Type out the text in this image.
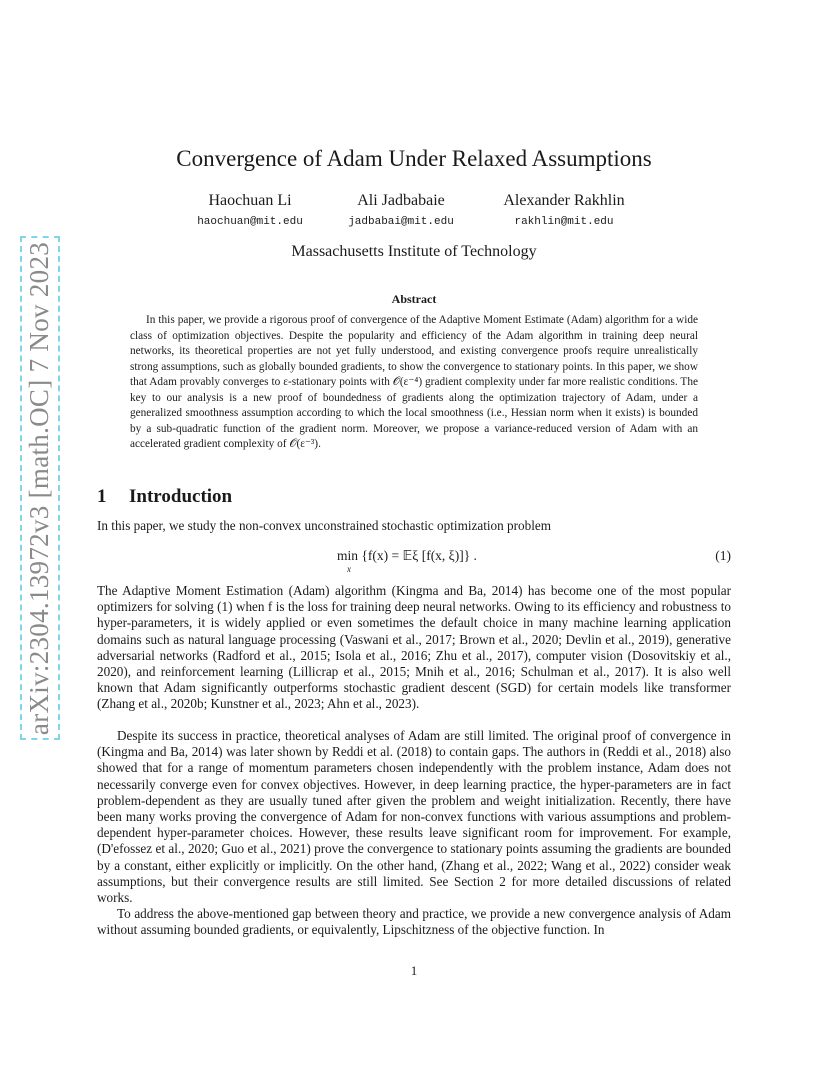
arXiv:2304.13972v3 [math.OC] 7 Nov 2023
Convergence of Adam Under Relaxed Assumptions
Haochuan Li
haochuan@mit.edu
Ali Jadbabaie
jadbabai@mit.edu
Alexander Rakhlin
rakhlin@mit.edu
Massachusetts Institute of Technology
Abstract
In this paper, we provide a rigorous proof of convergence of the Adaptive Moment Estimate (Adam) algorithm for a wide class of optimization objectives. Despite the popularity and efficiency of the Adam algorithm in training deep neural networks, its theoretical properties are not yet fully understood, and existing convergence proofs require unrealistically strong assumptions, such as globally bounded gradients, to show the convergence to stationary points. In this paper, we show that Adam provably converges to ε-stationary points with 𝒪(ε⁻⁴) gradient complexity under far more realistic conditions. The key to our analysis is a new proof of boundedness of gradients along the optimization trajectory of Adam, under a generalized smoothness assumption according to which the local smoothness (i.e., Hessian norm when it exists) is bounded by a sub-quadratic function of the gradient norm. Moreover, we propose a variance-reduced version of Adam with an accelerated gradient complexity of 𝒪(ε⁻³).
1 Introduction
In this paper, we study the non-convex unconstrained stochastic optimization problem
min {f(x) = 𝔼ξ [f(x, ξ)]} .
x
(1)
The Adaptive Moment Estimation (Adam) algorithm (Kingma and Ba, 2014) has become one of the most popular optimizers for solving (1) when f is the loss for training deep neural networks. Owing to its efficiency and robustness to hyper-parameters, it is widely applied or even sometimes the default choice in many machine learning application domains such as natural language processing (Vaswani et al., 2017; Brown et al., 2020; Devlin et al., 2019), generative adversarial networks (Radford et al., 2015; Isola et al., 2016; Zhu et al., 2017), computer vision (Dosovitskiy et al., 2020), and reinforcement learning (Lillicrap et al., 2015; Mnih et al., 2016; Schulman et al., 2017). It is also well known that Adam significantly outperforms stochastic gradient descent (SGD) for certain models like transformer (Zhang et al., 2020b; Kunstner et al., 2023; Ahn et al., 2023).
Despite its success in practice, theoretical analyses of Adam are still limited. The original proof of convergence in (Kingma and Ba, 2014) was later shown by Reddi et al. (2018) to contain gaps. The authors in (Reddi et al., 2018) also showed that for a range of momentum parameters chosen independently with the problem instance, Adam does not necessarily converge even for convex objectives. However, in deep learning practice, the hyper-parameters are in fact problem-dependent as they are usually tuned after given the problem and weight initialization. Recently, there have been many works proving the convergence of Adam for non-convex functions with various assumptions and problem-dependent hyper-parameter choices. However, these results leave significant room for improvement. For example, (D'efossez et al., 2020; Guo et al., 2021) prove the convergence to stationary points assuming the gradients are bounded by a constant, either explicitly or implicitly. On the other hand, (Zhang et al., 2022; Wang et al., 2022) consider weak assumptions, but their convergence results are still limited. See Section 2 for more detailed discussions of related works.
To address the above-mentioned gap between theory and practice, we provide a new convergence analysis of Adam without assuming bounded gradients, or equivalently, Lipschitzness of the objective function. In
1
